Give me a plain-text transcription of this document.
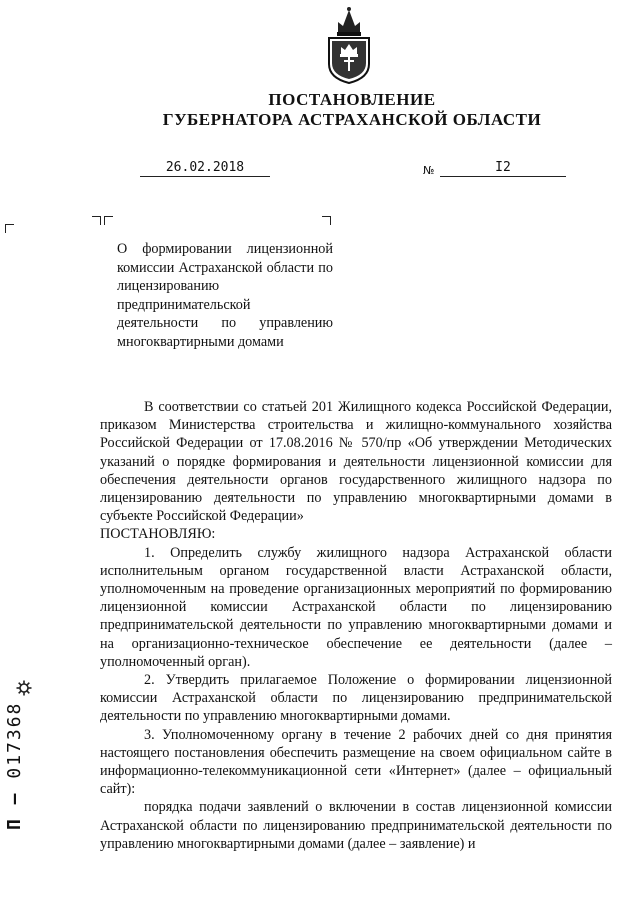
ПОСТАНОВЛЕНИЕ
ГУБЕРНАТОРА АСТРАХАНСКОЙ ОБЛАСТИ
26.02.2018	№	I2
О формировании лицензионной комиссии Астраханской области по лицензированию предпринимательской деятельности по управлению многоквартирными домами

В соответствии со статьей 201 Жилищного кодекса Российской Федерации, приказом Министерства строительства и жилищно-коммунального хозяйства Российской Федерации от 17.08.2016 № 570/пр «Об утверждении Методических указаний о порядке формирования и деятельности лицензионной комиссии для обеспечения деятельности органов государственного жилищного надзора по лицензированию деятельности по управлению многоквартирными домами в субъекте Российской Федерации»

ПОСТАНОВЛЯЮ:

1. Определить службу жилищного надзора Астраханской области исполнительным органом государственной власти Астраханской области, уполномоченным на проведение организационных мероприятий по формированию лицензионной комиссии Астраханской области по лицензированию предпринимательской деятельности по управлению многоквартирными домами и на организационно-техническое обеспечение ее деятельности (далее – уполномоченный орган).

2. Утвердить прилагаемое Положение о формировании лицензионной комиссии Астраханской области по лицензированию предпринимательской деятельности по управлению многоквартирными домами.

3. Уполномоченному органу в течение 2 рабочих дней со дня принятия настоящего постановления обеспечить размещение на своем официальном сайте в информационно-телекоммуникационной сети «Интернет» (далее – официальный сайт):

порядка подачи заявлений о включении в состав лицензионной комиссии Астраханской области по лицензированию предпринимательской деятельности по управлению многоквартирными домами (далее – заявление) и

П – 017368
